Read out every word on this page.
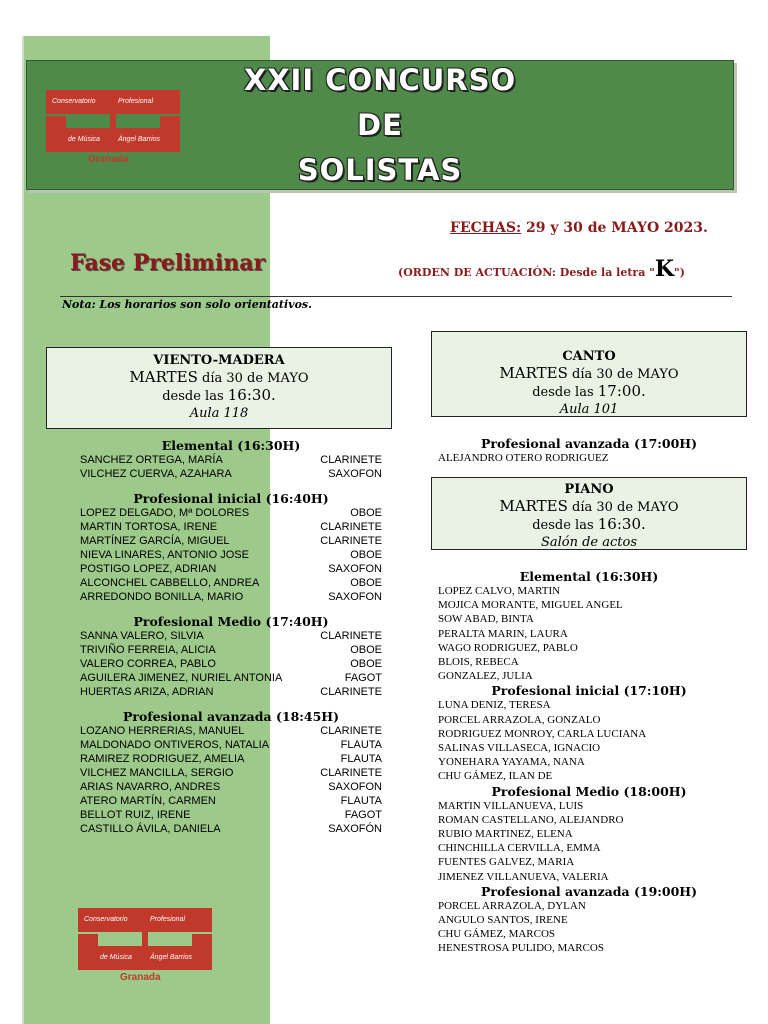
XXII CONCURSO
DE
SOLISTAS
Conservatorio	Profesional
de Música	Ángel Barrios
Granada
FECHAS: 29 y 30 de MAYO 2023.
Fase Preliminar	(ORDEN DE ACTUACIÓN: Desde la letra "K")
Nota: Los horarios son solo orientativos.
VIENTO-MADERA
MARTES día 30 de MAYO
desde las 16:30.
Aula 118
Elemental (16:30H)
SANCHEZ ORTEGA, MARÍA	CLARINETE
VILCHEZ CUERVA, AZAHARA	SAXOFON
Profesional inicial (16:40H)
LOPEZ DELGADO, Mª DOLORES	OBOE
MARTIN TORTOSA, IRENE	CLARINETE
MARTÍNEZ GARCÍA, MIGUEL	CLARINETE
NIEVA LINARES, ANTONIO JOSE	OBOE
POSTIGO LOPEZ, ADRIAN	SAXOFON
ALCONCHEL CABBELLO, ANDREA	OBOE
ARREDONDO BONILLA, MARIO	SAXOFON
Profesional Medio (17:40H)
SANNA VALERO, SILVIA	CLARINETE
TRIVIÑO FERREIA, ALICIA	OBOE
VALERO CORREA, PABLO	OBOE
AGUILERA JIMENEZ, NURIEL ANTONIA	FAGOT
HUERTAS ARIZA, ADRIAN	CLARINETE
Profesional avanzada (18:45H)
LOZANO HERRERIAS, MANUEL	CLARINETE
MALDONADO ONTIVEROS, NATALIA	FLAUTA
RAMIREZ RODRIGUEZ, AMELIA	FLAUTA
VILCHEZ MANCILLA, SERGIO	CLARINETE
ARIAS NAVARRO, ANDRES	SAXOFON
ATERO MARTÍN, CARMEN	FLAUTA
BELLOT RUIZ, IRENE	FAGOT
CASTILLO ÁVILA, DANIELA	SAXOFÓN
Conservatorio	Profesional
de Música	Ángel Barrios
Granada
CANTO
MARTES día 30 de MAYO
desde las 17:00.
Aula 101
Profesional avanzada (17:00H)
ALEJANDRO OTERO RODRIGUEZ
PIANO
MARTES día 30 de MAYO
desde las 16:30.
Salón de actos
Elemental (16:30H)
LOPEZ CALVO, MARTIN
MOJICA MORANTE, MIGUEL ANGEL
SOW ABAD, BINTA
PERALTA MARIN, LAURA
WAGO RODRIGUEZ, PABLO
BLOIS, REBECA
GONZALEZ, JULIA
Profesional inicial (17:10H)
LUNA DENIZ, TERESA
PORCEL ARRAZOLA, GONZALO
RODRIGUEZ MONROY, CARLA LUCIANA
SALINAS VILLASECA, IGNACIO
YONEHARA YAYAMA, NANA
CHU GÁMEZ, ILAN DE
Profesional Medio (18:00H)
MARTIN VILLANUEVA, LUIS
ROMAN CASTELLANO, ALEJANDRO
RUBIO MARTINEZ, ELENA
CHINCHILLA CERVILLA, EMMA
FUENTES GALVEZ, MARIA
JIMENEZ VILLANUEVA, VALERIA
Profesional avanzada (19:00H)
PORCEL ARRAZOLA, DYLAN
ANGULO SANTOS, IRENE
CHU GÁMEZ, MARCOS
HENESTROSA PULIDO, MARCOS
